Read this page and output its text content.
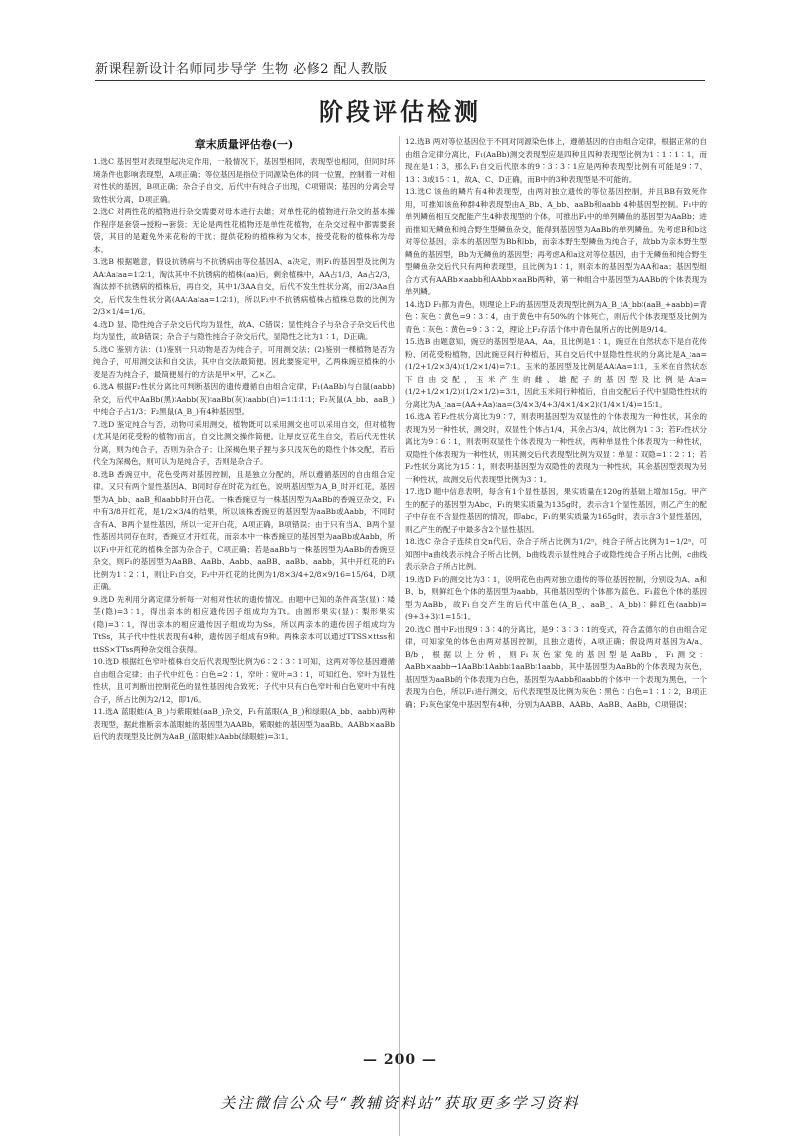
新课程新设计名师同步导学 生物 必修2 配人教版
阶段评估检测
章末质量评估卷(一)

1.选C 基因型对表现型起决定作用，一般情况下，基因型相同，表现型也相同，但同时环境条件也影响表现型，A项正确；等位基因是指位于同源染色体的同一位置，控制着一对相对性状的基因，B项正确；杂合子自交，后代中有纯合子出现，C项错误；基因的分离会导致性状分离，D项正确。

2.选C 对两性花的植物进行杂交需要对母本进行去雄；对单性花的植物进行杂交的基本操作程序是套袋→授粉→套袋；无论是两性花植物还是单性花植物，在杂交过程中都需要套袋，其目的是避免外来花粉的干扰；提供花粉的植株称为父本，接受花粉的植株称为母本。

3.选B 根据题意，假设抗锈病与不抗锈病由等位基因A、a决定，则F₁的基因型及比例为AA∶Aa∶aa=1∶2∶1，淘汰其中不抗锈病的植株(aa)后，剩余植株中，AA占1/3，Aa占2/3，淘汰掉不抗锈病的植株后，再自交，其中1/3AA自交，后代不发生性状分离，而2/3Aa自交，后代发生性状分离(AA∶Aa∶aa=1∶2∶1)，所以F₂中不抗锈病植株占植株总数的比例为2/3×1/4=1/6。

4.选D 显、隐性纯合子杂交后代均为显性，故A、C错误；显性纯合子与杂合子杂交后代也均为显性，故B错误；杂合子与隐性纯合子杂交后代，显隐性之比为1∶1，D正确。

5.选C 鉴别方法：(1)鉴别一只动物是否为纯合子，可用测交法；(2)鉴别一棵植物是否为纯合子，可用测交法和自交法，其中自交法最简便。因此要鉴定甲，乙两株豌豆植株的小麦是否为纯合子，最简便易行的方法是甲×甲，乙×乙。

6.选A 根据F₂性状分离比可判断基因的遗传遵循自由组合定律，F₁(AaBb)与白鼠(aabb)杂交，后代中AaBb(黑)∶Aabb(灰)∶aaBb(灰)∶aabb(白)=1∶1∶1∶1；F₂灰鼠(A_bb、aaB_)中纯合子占1/3；F₂黑鼠(A_B_)有4种基因型。

7.选D 鉴定纯合与否，动物可采用测交，植物既可以采用测交也可以采用自交，但对植物(尤其是闭花受粉的植物)而言，自交比测交操作简便。让厚皮豆花生自交，若后代无性状分离，则为纯合子，否则为杂合子；让深褐色果子狸与多只浅灰色的隐性个体交配，若后代全为深褐色，则可认为是纯合子，否则是杂合子。

8.选B 香豌豆中，花色受两对基因控制，且是独立分配的，所以遵循基因的自由组合定律。又只有两个显性基因A、B同时存在时花为红色，说明基因型为A_B_时开红花，基因型为A_bb、aaB_和aabb时开白花。一株香豌豆与一株基因型为AaBb的香豌豆杂交，F₁中有3/8开红花，是1/2×3/4的结果，所以该株香豌豆的基因型为aaBb或Aabb，不同时含有A、B两个显性基因，所以一定开白花，A项正确，B项错误；由于只有当A、B两个显性基因共同存在时，香豌豆才开红花，而亲本中一株香豌豆的基因型为aaBb或Aabb，所以F₁中开红花的植株全部为杂合子，C项正确；若是aaBb与一株基因型为AaBb的香豌豆杂交，则F₁的基因型为AaBB、AaBb、Aabb、aaBB、aaBb、aabb，其中开红花的F₁比例为1∶2∶1，则让F₁自交，F₂中开红花的比例为1/8×3/4+2/8×9/16=15/64，D项正确。

9.选D 先利用分离定律分析每一对相对性状的遗传情况。由题中已知的条件高茎(显)∶矮茎(隐)=3∶1，得出亲本的相应遗传因子组成均为Tt。由圆形果实(显)∶梨形果实(隐)=3∶1，得出亲本的相应遗传因子组成均为Ss，所以两亲本的遗传因子组成均为TtSs，其子代中性状表现有4种，遗传因子组成有9种。两株亲本可以通过TTSS×ttss和ttSS×TTss两种杂交组合获得。

10.选D 根据红色窄叶植株自交后代表现型比例为6∶2∶3∶1可知，这两对等位基因遵循自由组合定律；由子代中红色∶白色=2∶1，窄叶∶宽叶=3∶1，可知红色、窄叶为显性性状，且可判断出控制花色的显性基因纯合致死；子代中只有白色窄叶和白色宽叶中有纯合子，所占比例为2/12，即1/6。

11.选A 蓝眼蛙(A_B_)与紫眼蛙(aaB_)杂交，F₁有蓝眼(A_B_)和绿眼(A_bb、aabb)两种表现型，据此推断亲本蓝眼蛙的基因型为AABb，紫眼蛙的基因型为aaBb。AABb×aaBb后代的表现型及比例为AaB_(蓝眼蛙)∶Aabb(绿眼蛙)=3∶1。

12.选B 两对等位基因位于不同对同源染色体上，遵循基因的自由组合定律，根据正常的自由组合定律分离比，F₁(AaBb)测交表现型应是四种且四种表现型比例为1∶1∶1∶1，而现在是1∶3，那么F₁自交后代原本的9∶3∶3∶1应是两种表现型比例有可能是9∶7、13∶3或15∶1，故A、C、D正确，而B中的3种表现型是不可能的。

13.选C 该鱼的鳞片有4种表现型，由两对独立遗传的等位基因控制，并且BB有致死作用，可推知该鱼种群4种表现型由A_Bb、A_bb、aaBb和aabb 4种基因型控制。F₁中的单列鳞鱼相互交配能产生4种表现型的个体，可推出F₁中的单列鳞鱼的基因型为AaBb；进而推知无鳞鱼和纯合野生型鳞鱼杂交，能得到基因型为AaBb的单列鳞鱼。先考虑B和b这对等位基因，亲本的基因型为Bb和bb，而亲本野生型鳞鱼为纯合子，故bb为亲本野生型鳞鱼的基因型，Bb为无鳞鱼的基因型；再考虑A和a这对等位基因，由于无鳞鱼和纯合野生型鳞鱼杂交后代只有两种表现型，且比例为1∶1，则亲本的基因型为AA和aa；基因型组合方式有AABb×aabb和AAbb×aaBb两种，第一种组合中基因型为AABb的个体表现为单列鳞。

14.选D F₁都为青色，则理论上F₂的基因型及表现型比例为A_B_∶A_bb∶(aaB_+aabb)=青色∶灰色∶黄色=9∶3∶4，由于黄色中有50%的个体死亡，则后代个体表现型及比例为青色∶灰色∶黄色=9∶3∶2，理论上F₂存活个体中青色鼠所占的比例是9/14。

15.选B 由题意知，豌豆的基因型是AA、Aa，且比例是1∶1，豌豆在自然状态下是自花传粉、闭花受粉植物，因此豌豆间行种植后，其自交后代中显隐性性状的分离比是A_∶aa=(1/2+1/2×3/4)∶(1/2×1/4)=7∶1。玉米的基因型及比例是AA∶Aa=1∶1，玉米在自然状态下自由交配，玉米产生的雌、雄配子的基因型及比例是A∶a=(1/2+1/2×1/2)∶(1/2×1/2)=3∶1，因此玉米间行种植后，自由交配后子代中显隐性性状的分离比为A_∶aa=(AA+Aa)∶aa=(3/4×3/4+3/4×1/4×2)∶(1/4×1/4)=15∶1。

16.选A 若F₂性状分离比为9∶7，则表明基因型为双显性的个体表现为一种性状，其余的表现为另一种性状，测交时，双显性个体占1/4，其余占3/4，故比例为1∶3；若F₂性状分离比为9∶6∶1，则表明双显性个体表现为一种性状，两种单显性个体表现为一种性状，双隐性个体表现为一种性状，则其测交后代表现型比例为双显∶单显∶双隐=1∶2∶1；若F₂性状分离比为15∶1，则表明基因型为双隐性的表现为一种性状，其余基因型表现为另一种性状，故测交后代表现型比例为3∶1。

17.选D 题中信息表明，每含有1个显性基因，果实质量在120g的基础上增加15g。甲产生的配子的基因型为Abc，F₁的果实质量为135g时，表示含1个显性基因，则乙产生的配子中存在不含显性基因的情况，即abc，F₁的果实质量为165g时，表示含3个显性基因，则乙产生的配子中最多含2个显性基因。

18.选C 杂合子连续自交n代后，杂合子所占比例为1/2ⁿ，纯合子所占比例为1−1/2ⁿ，可知图中a曲线表示纯合子所占比例，b曲线表示显性纯合子或隐性纯合子所占比例，c曲线表示杂合子所占比例。

19.选D F₁的测交比为3∶1，说明花色由两对独立遗传的等位基因控制，分别设为A、a和B、b，则鲜红色个体的基因型为aabb，其他基因型的个体都为蓝色。F₁蓝色个体的基因型为AaBb，故F₁自交产生的后代中蓝色(A_B_、aaB_、A_bb)∶鲜红色(aabb)=(9+3+3)∶1=15∶1。

20.选C 图中F₂出现9∶3∶4的分离比，是9∶3∶3∶1的变式，符合孟德尔的自由组合定律，可知家兔的体色由两对基因控制，且独立遗传，A项正确；假设两对基因为A/a、B/b，根据以上分析，则F₁灰色家兔的基因型是AaBb，F₁测交：AaBb×aabb→1AaBb∶1Aabb∶1aaBb∶1aabb，其中基因型为AaBb的个体表现为灰色，基因型为aaBb的个体表现为白色，基因型为Aabb和aabb的个体中一个表现为黑色，一个表现为白色，所以F₁进行测交，后代表现型及比例为灰色∶黑色∶白色=1∶1∶2，B项正确；F₂灰色家兔中基因型有4种，分别为AABB、AABb、AaBB、AaBb，C项错误；

— 200 —
关注微信公众号“教辅资料站”获取更多学习资料
